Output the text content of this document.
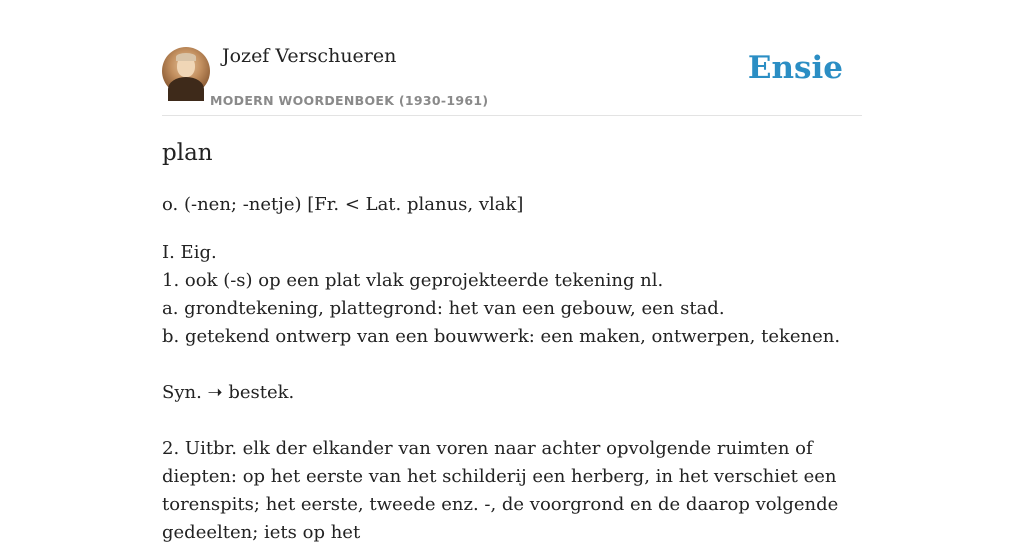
Jozef Verschueren
MODERN WOORDENBOEK (1930-1961)
Ensie
plan
o. (-nen; -netje) [Fr. < Lat. planus, vlak]
I. Eig.
1. ook (-s) op een plat vlak geprojekteerde tekening nl.
a. grondtekening, plattegrond: het van een gebouw, een stad.
b. getekend ontwerp van een bouwwerk: een maken, ontwerpen, tekenen.
Syn. ➝ bestek.
2. Uitbr. elk der elkander van voren naar achter opvolgende ruimten of diepten: op het eerste van het schilderij een herberg, in het verschiet een torenspits; het eerste, tweede enz. -, de voorgrond en de daarop volgende gedeelten; iets op het
